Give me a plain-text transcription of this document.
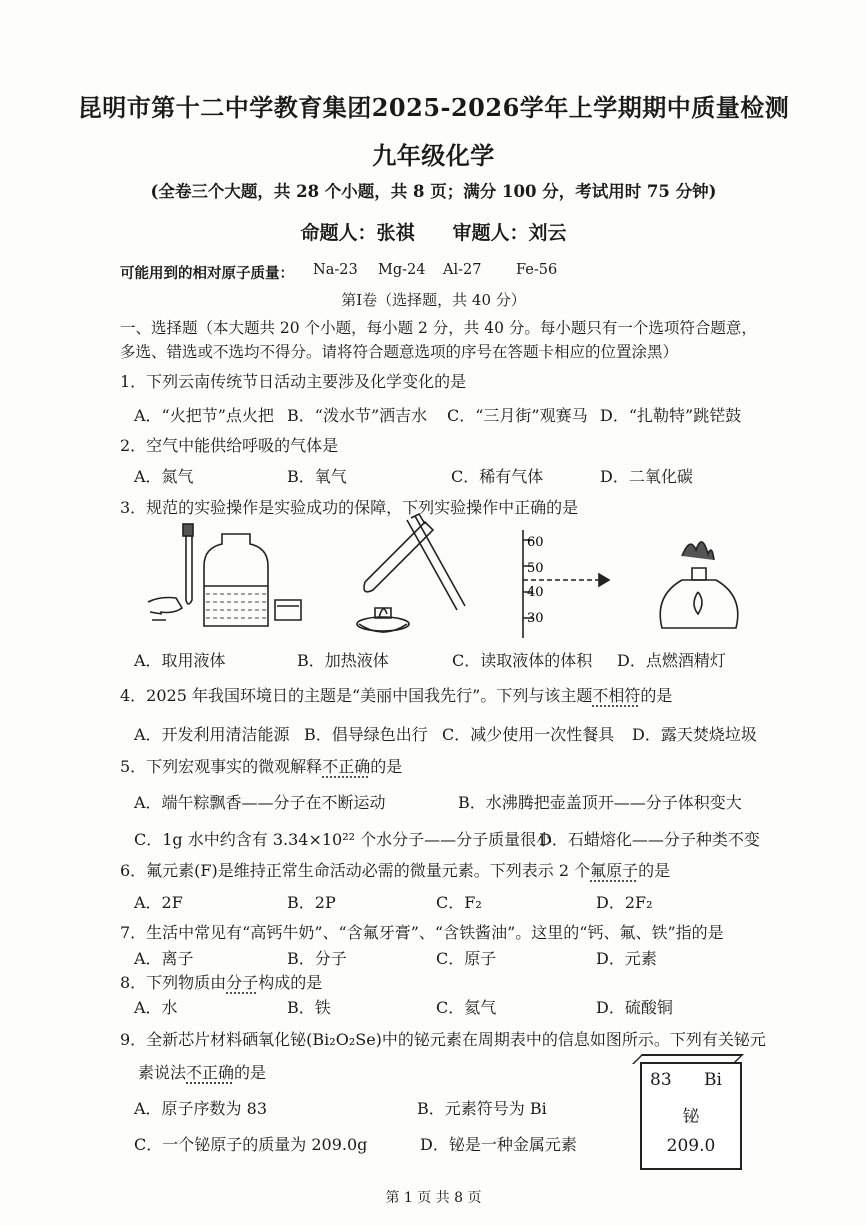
昆明市第十二中学教育集团2025-2026学年上学期期中质量检测
九年级化学
(全卷三个大题，共 28 个小题，共 8 页；满分 100 分，考试用时 75 分钟)
命题人：张祺　　审题人：刘云
可能用到的相对原子质量： Na-23 Mg-24 Al-27 Fe-56
第Ⅰ卷（选择题，共 40 分）
一、选择题（本大题共 20 个小题，每小题 2 分，共 40 分。每小题只有一个选项符合题意，
多选、错选或不选均不得分。请将符合题意选项的序号在答题卡相应的位置涂黑）
1．下列云南传统节日活动主要涉及化学变化的是
A．“火把节”点火把 B．“泼水节”洒吉水 C．“三月街”观赛马 D．“扎勒特”跳铓鼓
2．空气中能供给呼吸的气体是
A．氮气	B．氧气	C．稀有气体	D．二氧化碳
3．规范的实验操作是实验成功的保障，下列实验操作中正确的是
60
50
40
30
A．取用液体	B．加热液体	C．读取液体的体积 D．点燃酒精灯
4．2025 年我国环境日的主题是“美丽中国我先行”。下列与该主题不相符的是
A．开发利用清洁能源 B．倡导绿色出行 C．减少使用一次性餐具 D．露天焚烧垃圾
5．下列宏观事实的微观解释不正确的是
A．端午粽飘香——分子在不断运动	B．水沸腾把壶盖顶开——分子体积变大
C．1g 水中约含有 3.34×10²² 个水分子——分子质量很小
D．石蜡熔化——分子种类不变
6．氟元素(F)是维持正常生命活动必需的微量元素。下列表示 2 个氟原子的是
A．2F	B．2P	C．F₂	D．2F₂
7．生活中常见有“高钙牛奶”、“含氟牙膏”、“含铁酱油”。这里的“钙、氟、铁”指的是
A．离子	B．分子	C．原子	D．元素
8．下列物质由分子构成的是
A．水	B．铁	C．氦气	D．硫酸铜
9．全新芯片材料硒氧化铋(Bi₂O₂Se)中的铋元素在周期表中的信息如图所示。下列有关铋元
素说法不正确的是
A．原子序数为 83	B．元素符号为 Bi
C．一个铋原子的质量为 209.0g	D．铋是一种金属元素
83 Bi
铋
209.0
第 1 页 共 8 页
